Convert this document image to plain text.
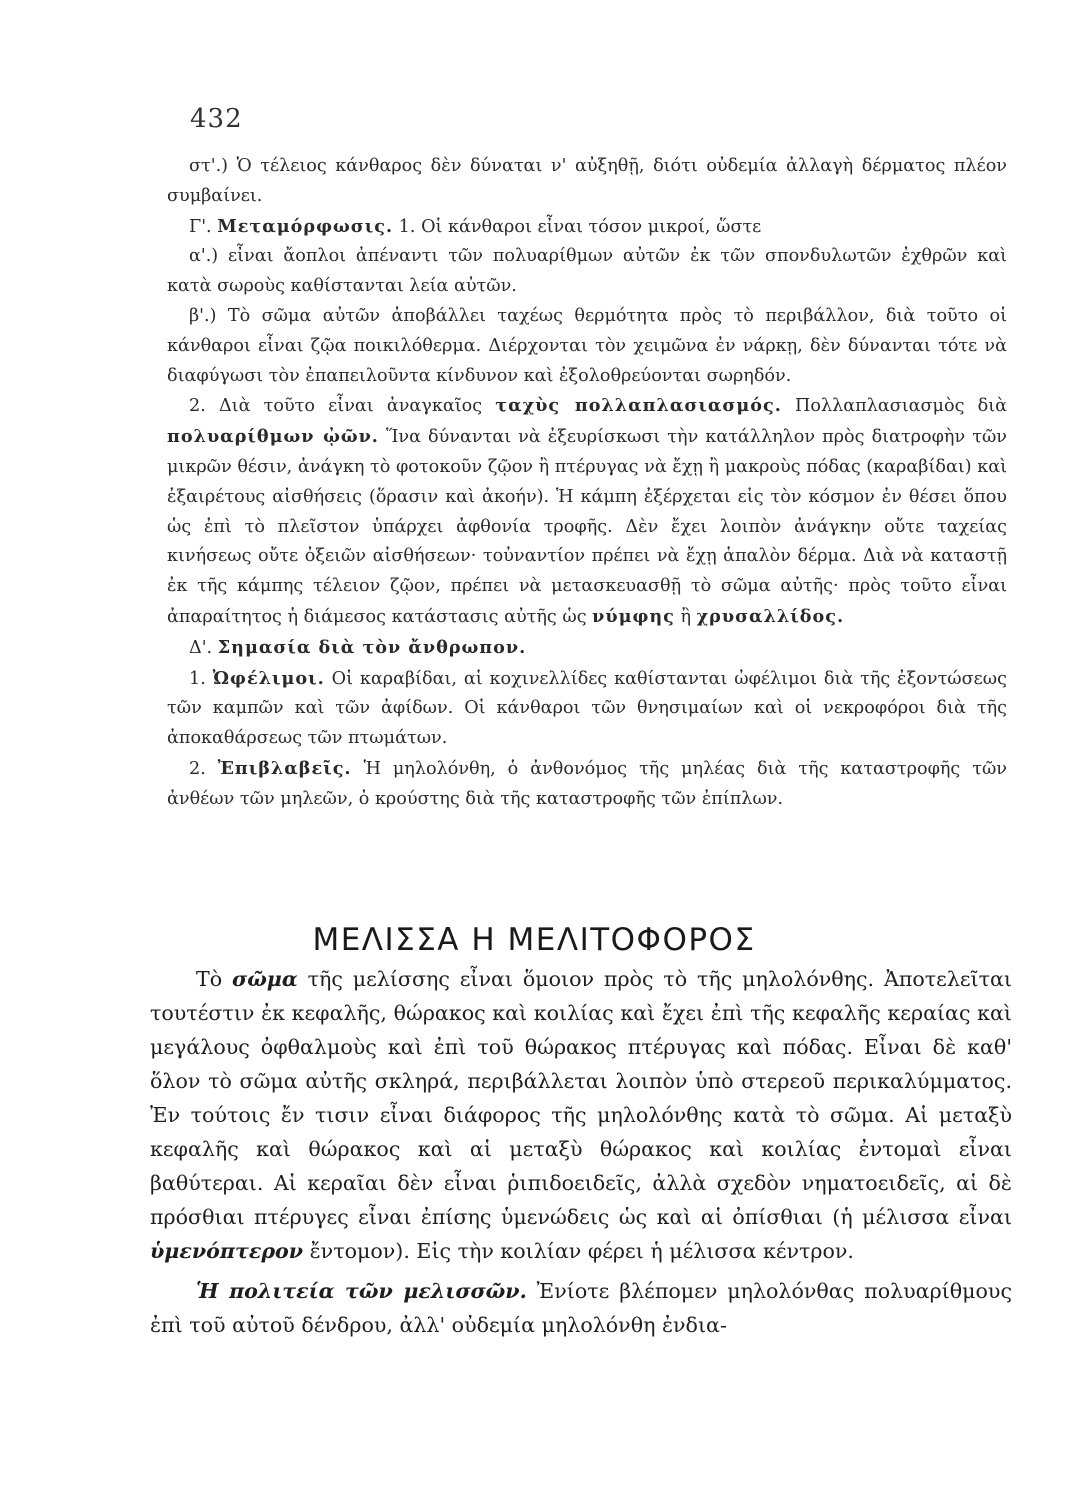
432

στ'.) Ὁ τέλειος κάνθαρος δὲν δύναται ν' αὐξηθῇ, διότι οὐδεμία ἀλλαγὴ δέρματος πλέον συμβαίνει.

Γ'. Μεταμόρφωσις. 1. Οἱ κάνθαροι εἶναι τόσον μικροί, ὥστε

α'.) εἶναι ἄοπλοι ἀπέναντι τῶν πολυαρίθμων αὐτῶν ἐκ τῶν σπονδυλωτῶν ἐχθρῶν καὶ κατὰ σωροὺς καθίστανται λεία αὐτῶν.

β'.) Τὸ σῶμα αὐτῶν ἀποβάλλει ταχέως θερμότητα πρὸς τὸ περιβάλλον, διὰ τοῦτο οἱ κάνθαροι εἶναι ζῷα ποικιλόθερμα. Διέρχονται τὸν χειμῶνα ἐν νάρκῃ, δὲν δύνανται τότε νὰ διαφύγωσι τὸν ἐπαπειλοῦντα κίνδυνον καὶ ἐξολοθρεύονται σωρηδόν.

2. Διὰ τοῦτο εἶναι ἀναγκαῖος ταχὺς πολλαπλασιασμός. Πολλαπλασιασμὸς διὰ πολυαρίθμων ᾠῶν. Ἵνα δύνανται νὰ ἐξευρίσκωσι τὴν κατάλληλον πρὸς διατροφὴν τῶν μικρῶν θέσιν, ἀνάγκη τὸ φοτοκοῦν ζῷον ἢ πτέρυγας νὰ ἔχῃ ἢ μακροὺς πόδας (καραβίδαι) καὶ ἐξαιρέτους αἰσθήσεις (ὅρασιν καὶ ἀκοήν). Ἡ κάμπη ἐξέρχεται εἰς τὸν κόσμον ἐν θέσει ὅπου ὡς ἐπὶ τὸ πλεῖστον ὑπάρχει ἀφθονία τροφῆς. Δὲν ἔχει λοιπὸν ἀνάγκην οὔτε ταχείας κινήσεως οὔτε ὀξειῶν αἰσθήσεων· τοὐναντίον πρέπει νὰ ἔχῃ ἁπαλὸν δέρμα. Διὰ νὰ καταστῇ ἐκ τῆς κάμπης τέλειον ζῷον, πρέπει νὰ μετασκευασθῇ τὸ σῶμα αὐτῆς· πρὸς τοῦτο εἶναι ἀπαραίτητος ἡ διάμεσος κατάστασις αὐτῆς ὡς νύμφης ἢ χρυσαλλίδος.

Δ'. Σημασία διὰ τὸν ἄνθρωπον.

1. Ὠφέλιμοι. Οἱ καραβίδαι, αἱ κοχινελλίδες καθίστανται ὠφέλιμοι διὰ τῆς ἐξοντώσεως τῶν καμπῶν καὶ τῶν ἀφίδων. Οἱ κάνθαροι τῶν θνησιμαίων καὶ οἱ νεκροφόροι διὰ τῆς ἀποκαθάρσεως τῶν πτωμάτων.

2. Ἐπιβλαβεῖς. Ἡ μηλολόνθη, ὁ ἀνθονόμος τῆς μηλέας διὰ τῆς καταστροφῆς τῶν ἀνθέων τῶν μηλεῶν, ὁ κρούστης διὰ τῆς καταστροφῆς τῶν ἐπίπλων.

ΜΕΛΙΣΣΑ Η ΜΕΛΙΤΟΦΟΡΟΣ

Τὸ σῶμα τῆς μελίσσης εἶναι ὅμοιον πρὸς τὸ τῆς μηλολόνθης. Ἀποτελεῖται τουτέστιν ἐκ κεφαλῆς, θώρακος καὶ κοιλίας καὶ ἔχει ἐπὶ τῆς κεφαλῆς κεραίας καὶ μεγάλους ὀφθαλμοὺς καὶ ἐπὶ τοῦ θώρακος πτέρυγας καὶ πόδας. Εἶναι δὲ καθ' ὅλον τὸ σῶμα αὐτῆς σκληρά, περιβάλλεται λοιπὸν ὑπὸ στερεοῦ περικαλύμματος. Ἐν τούτοις ἔν τισιν εἶναι διάφορος τῆς μηλολόνθης κατὰ τὸ σῶμα. Αἱ μεταξὺ κεφαλῆς καὶ θώρακος καὶ αἱ μεταξὺ θώρακος καὶ κοιλίας ἐντομαὶ εἶναι βαθύτεραι. Αἱ κεραῖαι δὲν εἶναι ῥιπιδοειδεῖς, ἀλλὰ σχεδὸν νηματοειδεῖς, αἱ δὲ πρόσθιαι πτέρυγες εἶναι ἐπίσης ὑμενώδεις ὡς καὶ αἱ ὀπίσθιαι (ἡ μέλισσα εἶναι ὑμενόπτερον ἔντομον). Εἰς τὴν κοιλίαν φέρει ἡ μέλισσα κέντρον.

Ἡ πολιτεία τῶν μελισσῶν. Ἐνίοτε βλέπομεν μηλολόνθας πολυαρίθμους ἐπὶ τοῦ αὐτοῦ δένδρου, ἀλλ' οὐδεμία μηλολόνθη ἐνδια-
